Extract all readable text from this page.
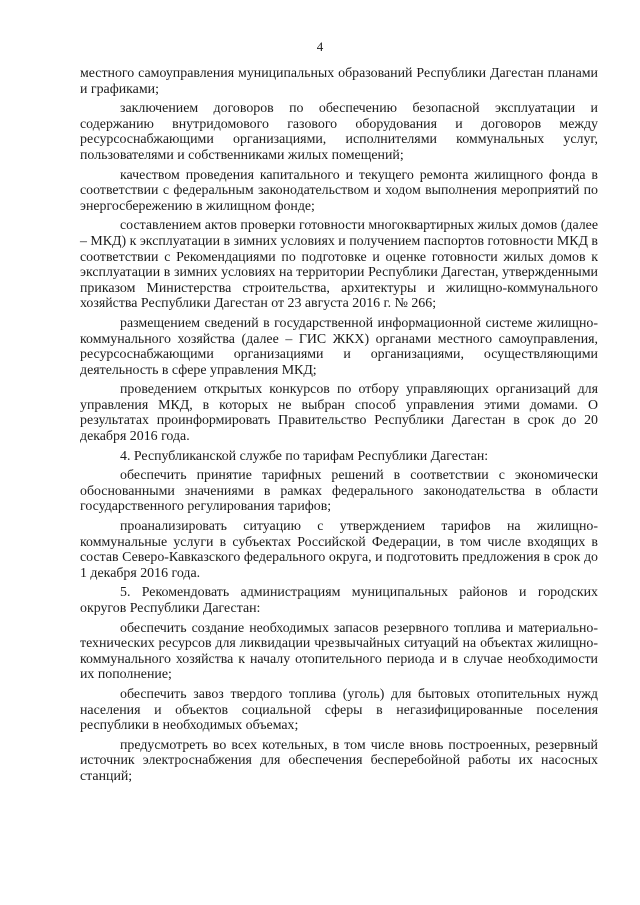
4

местного самоуправления муниципальных образований Республики Дагестан планами и графиками;

заключением договоров по обеспечению безопасной эксплуатации и содержанию внутридомового газового оборудования и договоров между ресурсоснабжающими организациями, исполнителями коммунальных услуг, пользователями и собственниками жилых помещений;

качеством проведения капитального и текущего ремонта жилищного фонда в соответствии с федеральным законодательством и ходом выполнения мероприятий по энергосбережению в жилищном фонде;

составлением актов проверки готовности многоквартирных жилых домов (далее – МКД) к эксплуатации в зимних условиях и получением паспортов готовности МКД в соответствии с Рекомендациями по подготовке и оценке готовности жилых домов к эксплуатации в зимних условиях на территории Республики Дагестан, утвержденными приказом Министерства строительства, архитектуры и жилищно-коммунального хозяйства Республики Дагестан от 23 августа 2016 г. № 266;

размещением сведений в государственной информационной системе жилищно-коммунального хозяйства (далее – ГИС ЖКХ) органами местного самоуправления, ресурсоснабжающими организациями и организациями, осуществляющими деятельность в сфере управления МКД;

проведением открытых конкурсов по отбору управляющих организаций для управления МКД, в которых не выбран способ управления этими домами. О результатах проинформировать Правительство Республики Дагестан в срок до 20 декабря 2016 года.

4. Республиканской службе по тарифам Республики Дагестан:

обеспечить принятие тарифных решений в соответствии с экономически обоснованными значениями в рамках федерального законодательства в области государственного регулирования тарифов;

проанализировать ситуацию с утверждением тарифов на жилищно-коммунальные услуги в субъектах Российской Федерации, в том числе входящих в состав Северо-Кавказского федерального округа, и подготовить предложения в срок до 1 декабря 2016 года.

5. Рекомендовать администрациям муниципальных районов и городских округов Республики Дагестан:

обеспечить создание необходимых запасов резервного топлива и материально-технических ресурсов для ликвидации чрезвычайных ситуаций на объектах жилищно-коммунального хозяйства к началу отопительного периода и в случае необходимости их пополнение;

обеспечить завоз твердого топлива (уголь) для бытовых отопительных нужд населения и объектов социальной сферы в негазифицированные поселения республики в необходимых объемах;

предусмотреть во всех котельных, в том числе вновь построенных, резервный источник электроснабжения для обеспечения бесперебойной работы их насосных станций;
